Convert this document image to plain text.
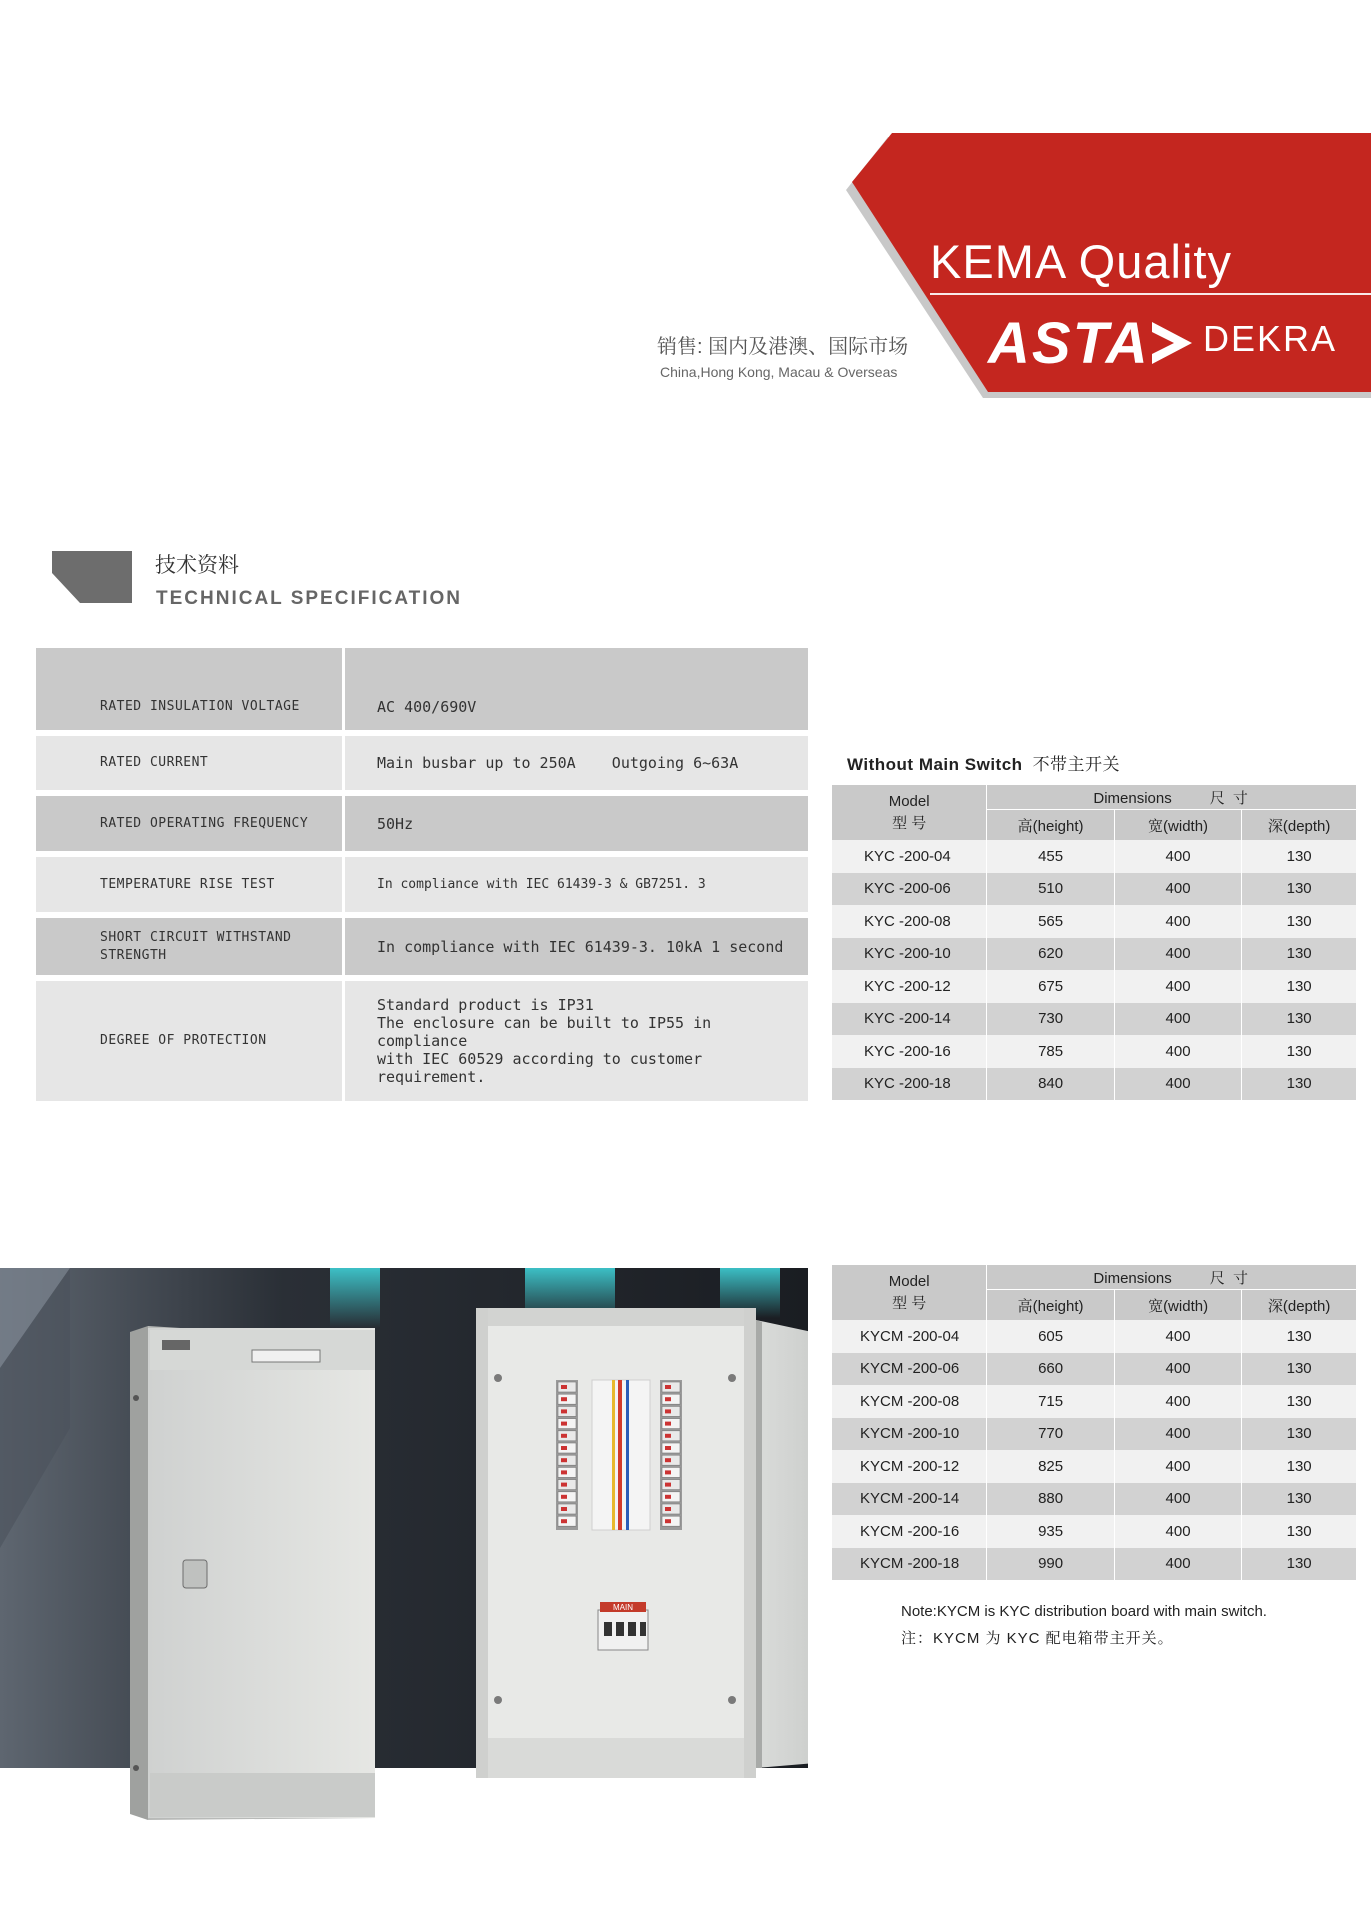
KEMA Quality
ASTA DEKRA
销售: 国内及港澳、国际市场
China,Hong Kong, Macau & Overseas
技术资料
TECHNICAL SPECIFICATION
RATED INSULATION VOLTAGE	AC 400/690V
RATED CURRENT	Main busbar up to 250A    Outgoing 6~63A
RATED OPERATING FREQUENCY	50Hz
TEMPERATURE RISE TEST	In compliance with IEC 61439-3 & GB7251. 3
SHORT CIRCUIT WITHSTAND STRENGTH	In compliance with IEC 61439-3. 10kA 1 second
DEGREE OF PROTECTION
Standard product is IP31
The enclosure can be built to IP55 in compliance
with IEC 60529 according to customer requirement.
Without Main Switch 不带主开关
Model
型 号	Dimensions 尺 寸		
	高(height)	宽(width)	深(depth)
KYC -200-04	455	400	130
KYC -200-06	510	400	130
KYC -200-08	565	400	130
KYC -200-10	620	400	130
KYC -200-12	675	400	130
KYC -200-14	730	400	130
KYC -200-16	785	400	130
KYC -200-18	840	400	130
Model
型 号	Dimensions 尺 寸		
	高(height)	宽(width)	深(depth)
KYCM -200-04	605	400	130
KYCM -200-06	660	400	130
KYCM -200-08	715	400	130
KYCM -200-10	770	400	130
KYCM -200-12	825	400	130
KYCM -200-14	880	400	130
KYCM -200-16	935	400	130
KYCM -200-18	990	400	130
Note:KYCM is KYC distribution board with main switch.
注：KYCM 为 KYC 配电箱带主开关。
MAIN
